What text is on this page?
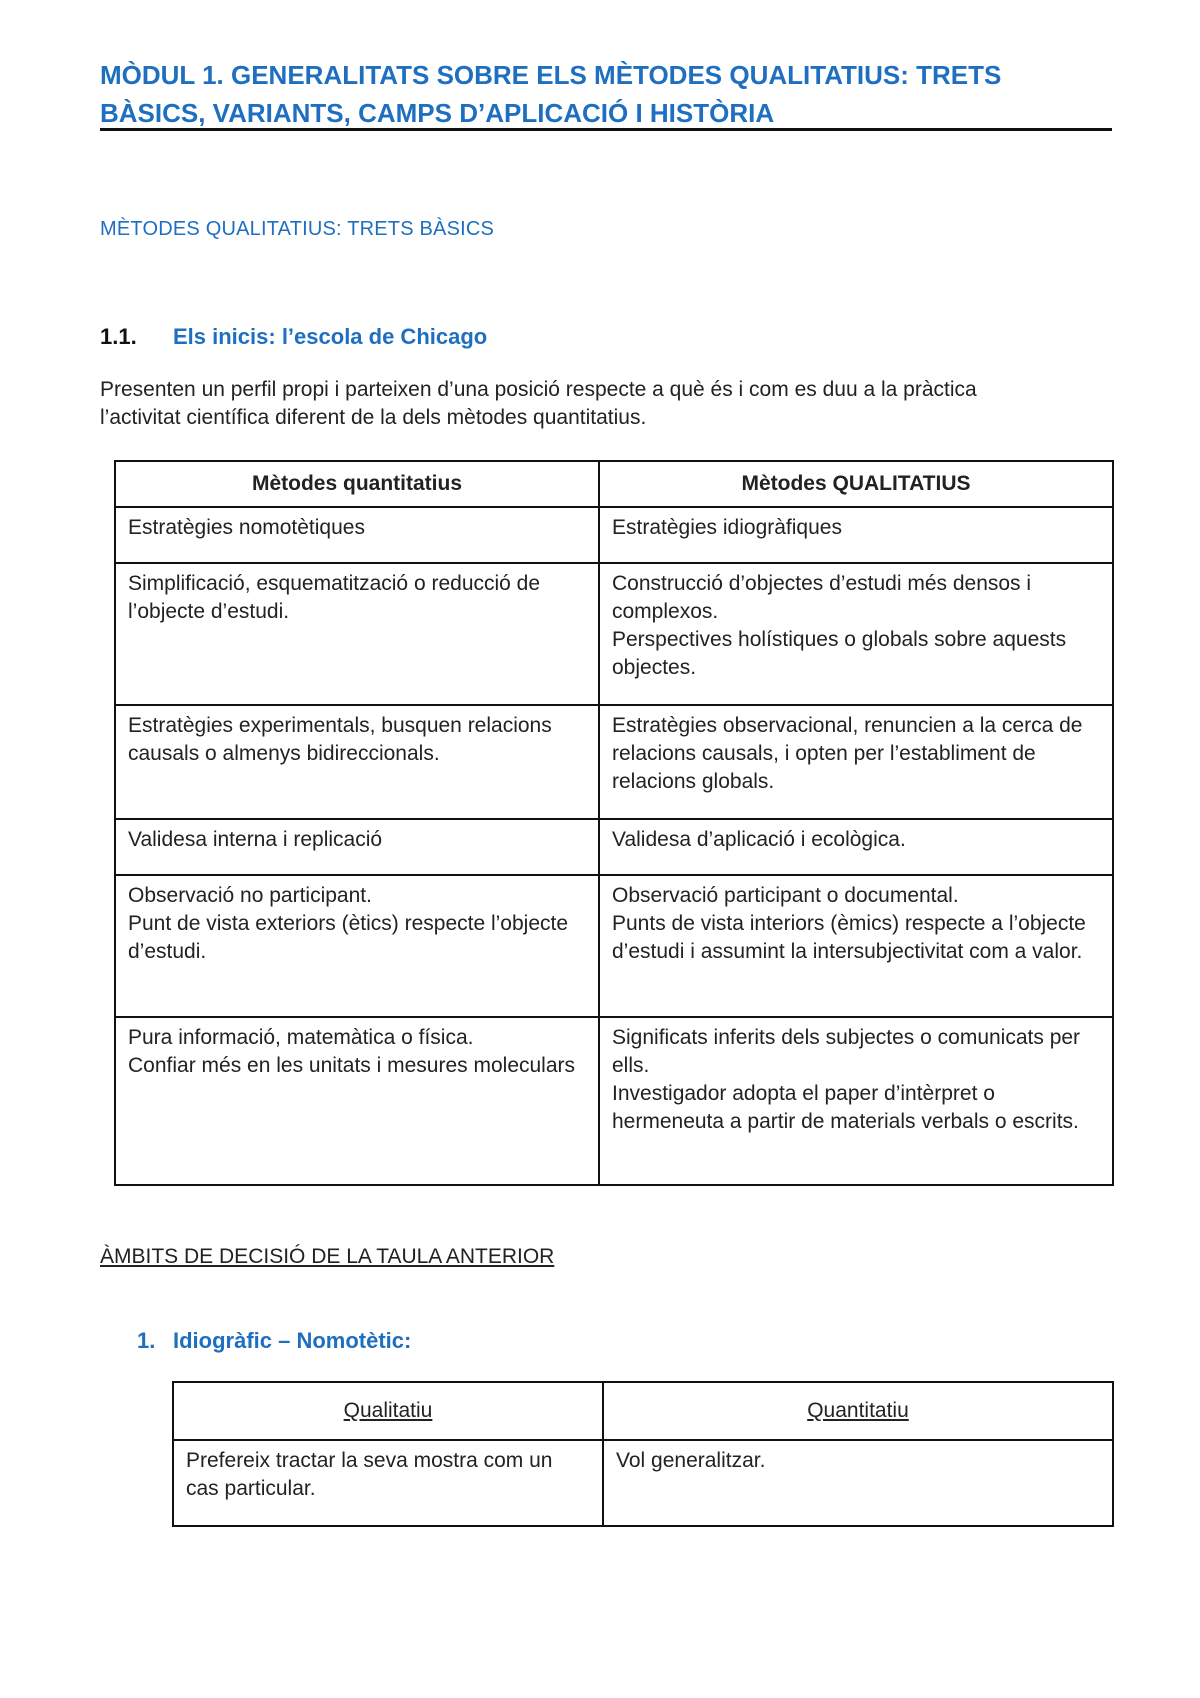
MÒDUL 1. GENERALITATS SOBRE ELS MÈTODES QUALITATIUS: TRETS BÀSICS, VARIANTS, CAMPS D’APLICACIÓ I HISTÒRIA
MÈTODES QUALITATIUS: TRETS BÀSICS
1.1. Els inicis: l’escola de Chicago

Presenten un perfil propi i parteixen d’una posició respecte a què és i com es duu a la pràctica l’activitat científica diferent de la dels mètodes quantitatius.

Mètodes quantitatius	Mètodes QUALITATIUS

Estratègies nomotètiques	Estratègies idiogràfiques

Simplificació, esquematització o reducció de l’objecte d’estudi.	Construcció d’objectes d’estudi més densos i complexos.
Perspectives holístiques o globals sobre aquests objectes.

Estratègies experimentals, busquen relacions causals o almenys bidireccionals.	Estratègies observacional, renuncien a la cerca de relacions causals, i opten per l’establiment de relacions globals.

Validesa interna i replicació	Validesa d’aplicació i ecològica.

Observació no participant.
Punt de vista exteriors (ètics) respecte l’objecte d’estudi.	Observació participant o documental.
Punts de vista interiors (èmics) respecte a l’objecte d’estudi i assumint la intersubjectivitat com a valor.

Pura informació, matemàtica o física.
Confiar més en les unitats i mesures moleculars	Significats inferits dels subjectes o comunicats per ells.
Investigador adopta el paper d’intèrpret o hermeneuta a partir de materials verbals o escrits.

ÀMBITS DE DECISIÓ DE LA TAULA ANTERIOR

1. Idiogràfic – Nomotètic:

Qualitatiu	Quantitatiu
Prefereix tractar la seva mostra com un cas particular.	Vol generalitzar.
